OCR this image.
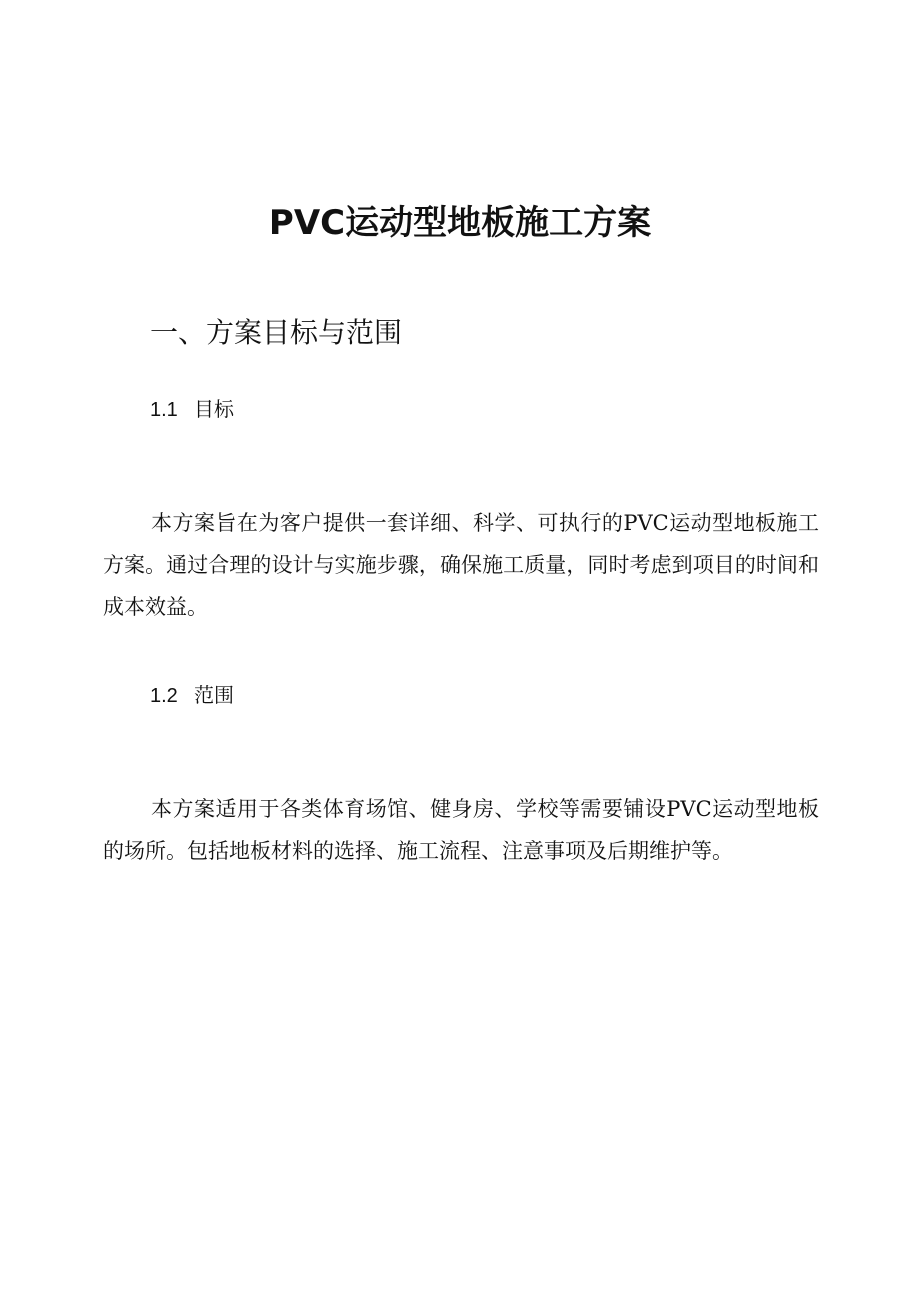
PVC运动型地板施工方案
一、方案目标与范围
1.1 目标

本方案旨在为客户提供一套详细、科学、可执行的PVC运动型地板施工方案。通过合理的设计与实施步骤，确保施工质量，同时考虑到项目的时间和成本效益。

1.2 范围

本方案适用于各类体育场馆、健身房、学校等需要铺设PVC运动型地板的场所。包括地板材料的选择、施工流程、注意事项及后期维护等。
